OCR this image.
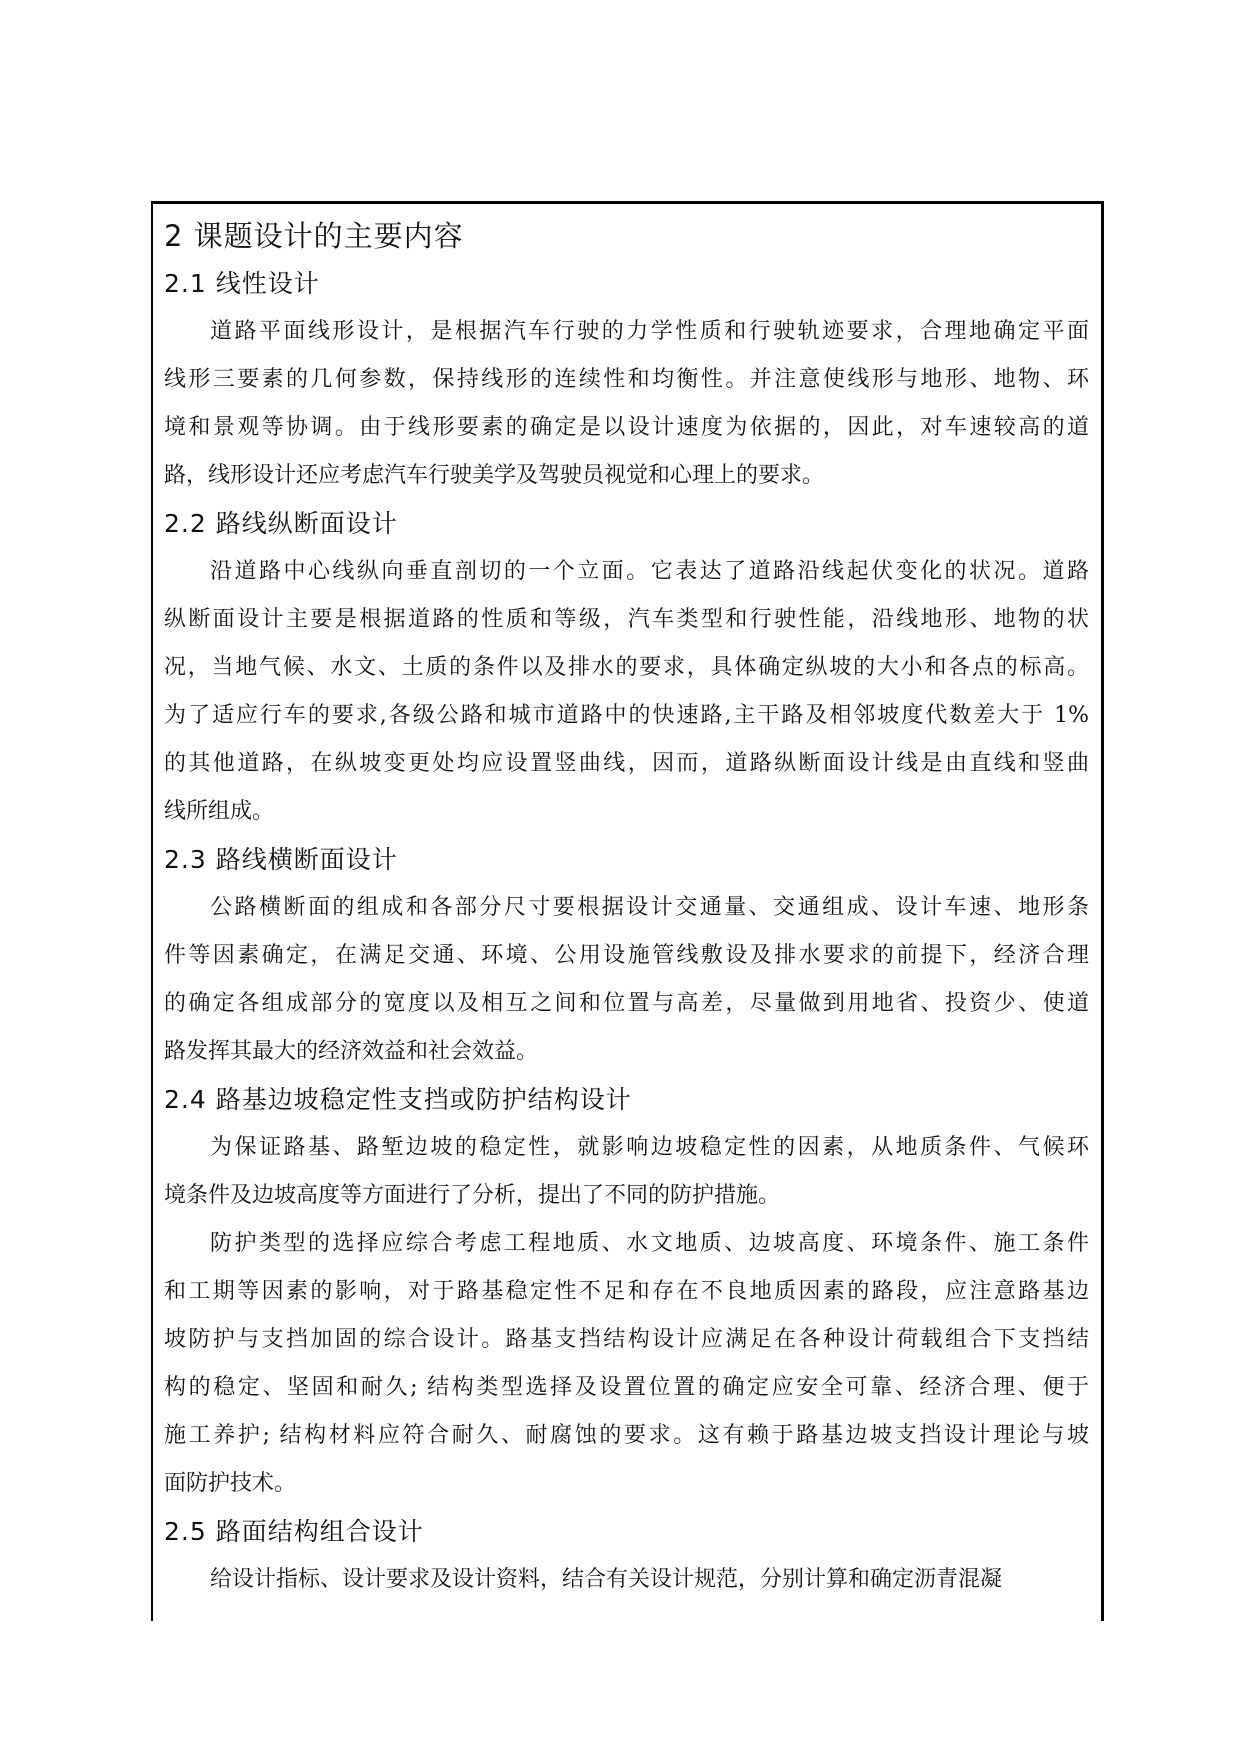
2 课题设计的主要内容
2.1 线性设计

道路平面线形设计，是根据汽车行驶的力学性质和行驶轨迹要求，合理地确定平面
线形三要素的几何参数，保持线形的连续性和均衡性。并注意使线形与地形、地物、环
境和景观等协调。由于线形要素的确定是以设计速度为依据的，因此，对车速较高的道
路，线形设计还应考虑汽车行驶美学及驾驶员视觉和心理上的要求。

2.2 路线纵断面设计

沿道路中心线纵向垂直剖切的一个立面。它表达了道路沿线起伏变化的状况。道路
纵断面设计主要是根据道路的性质和等级，汽车类型和行驶性能，沿线地形、地物的状
况，当地气候、水文、土质的条件以及排水的要求，具体确定纵坡的大小和各点的标高。
为了适应行车的要求,各级公路和城市道路中的快速路,主干路及相邻坡度代数差大于 1%
的其他道路，在纵坡变更处均应设置竖曲线，因而，道路纵断面设计线是由直线和竖曲
线所组成。

2.3 路线横断面设计

公路横断面的组成和各部分尺寸要根据设计交通量、交通组成、设计车速、地形条
件等因素确定，在满足交通、环境、公用设施管线敷设及排水要求的前提下，经济合理
的确定各组成部分的宽度以及相互之间和位置与高差，尽量做到用地省、投资少、使道
路发挥其最大的经济效益和社会效益。

2.4 路基边坡稳定性支挡或防护结构设计

为保证路基、路堑边坡的稳定性，就影响边坡稳定性的因素，从地质条件、气候环
境条件及边坡高度等方面进行了分析，提出了不同的防护措施。

防护类型的选择应综合考虑工程地质、水文地质、边坡高度、环境条件、施工条件
和工期等因素的影响，对于路基稳定性不足和存在不良地质因素的路段，应注意路基边
坡防护与支挡加固的综合设计。路基支挡结构设计应满足在各种设计荷载组合下支挡结
构的稳定、坚固和耐久; 结构类型选择及设置位置的确定应安全可靠、经济合理、便于
施工养护; 结构材料应符合耐久、耐腐蚀的要求。这有赖于路基边坡支挡设计理论与坡
面防护技术。

2.5 路面结构组合设计

给设计指标、设计要求及设计资料，结合有关设计规范，分别计算和确定沥青混凝
